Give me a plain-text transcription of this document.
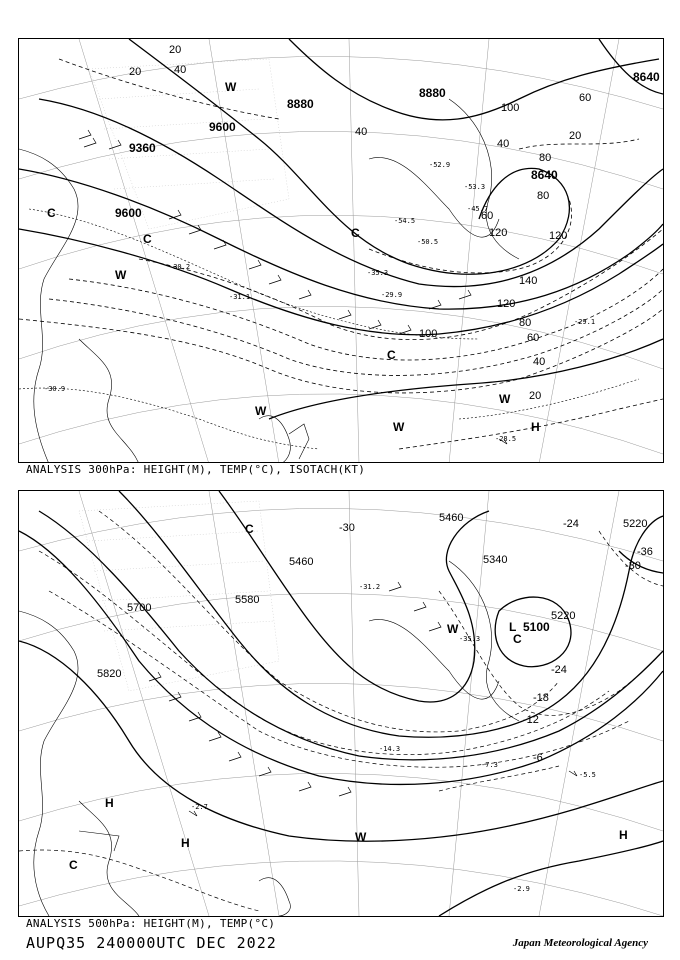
9600
9360
9600
8880
8880
8640
8640
20
40
20
40
60
80
100
120
140
120
100
80
60
40
20
120
80
60
40
20
-29.9
-28.5
-29.1
-30.9
-30.2
-35.3
-50.5
-52.9
-53.3
-54.5
-45.7
-31.1
W
W
W
W
W
C
C
C
C
H
ANALYSIS 300hPa: HEIGHT(M), TEMP(°C), ISOTACH(KT)
5700
5820
5580
5460
5460
5340
5220
5220
5100
-36
-30
-24
-24
-30
-18
-12
-6
-5.5
-2.7
-2.9
-7.3
-14.3
-31.2
-35.3
W
W
C
C
C
H
H
H
L
ANALYSIS 500hPa: HEIGHT(M), TEMP(°C)
AUPQ35 240000UTC DEC 2022	Japan Meteorological Agency
